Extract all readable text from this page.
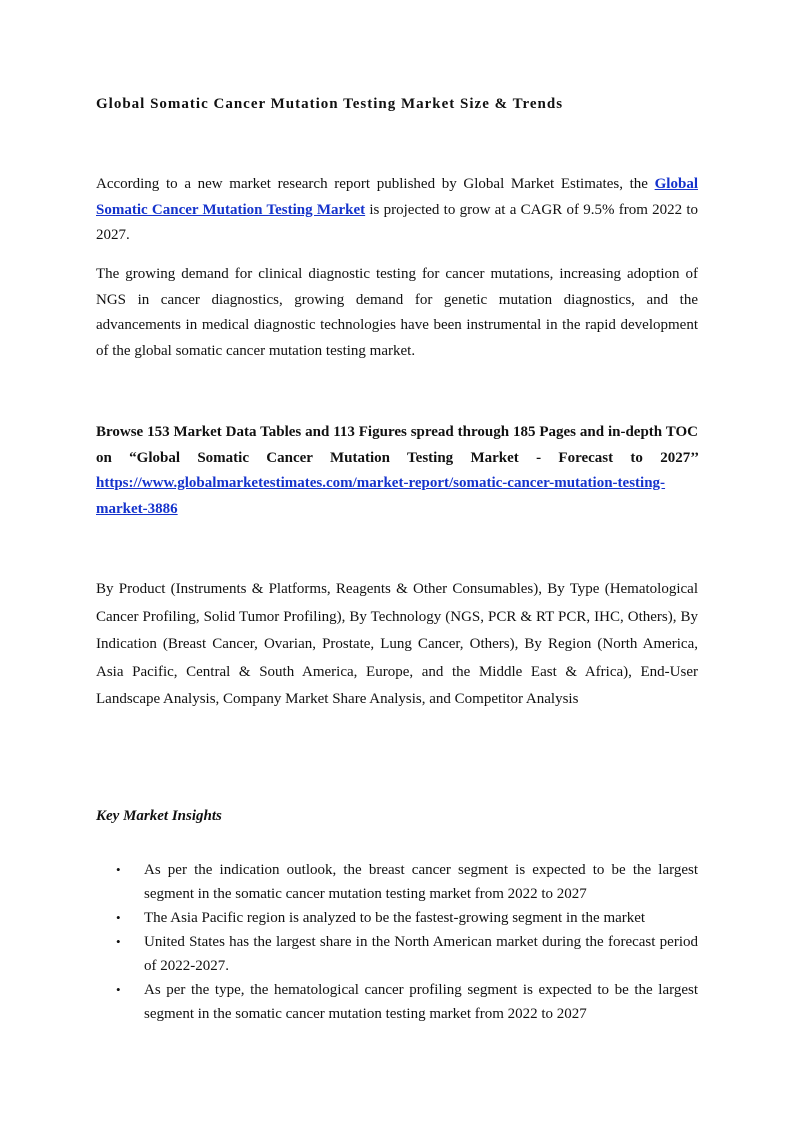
Global Somatic Cancer Mutation Testing Market Size & Trends
According to a new market research report published by Global Market Estimates, the Global Somatic Cancer Mutation Testing Market is projected to grow at a CAGR of 9.5% from 2022 to 2027.
The growing demand for clinical diagnostic testing for cancer mutations, increasing adoption of NGS in cancer diagnostics, growing demand for genetic mutation diagnostics, and the advancements in medical diagnostic technologies have been instrumental in the rapid development of the global somatic cancer mutation testing market.
Browse 153 Market Data Tables and 113 Figures spread through 185 Pages and in-depth TOC on “Global Somatic Cancer Mutation Testing Market - Forecast to 2027’’ https://www.globalmarketestimates.com/market-report/somatic-cancer-mutation-testing-market-3886
By Product (Instruments & Platforms, Reagents & Other Consumables), By Type (Hematological Cancer Profiling, Solid Tumor Profiling), By Technology (NGS, PCR & RT PCR, IHC, Others), By Indication (Breast Cancer, Ovarian, Prostate, Lung Cancer, Others), By Region (North America, Asia Pacific, Central & South America, Europe, and the Middle East & Africa), End-User Landscape Analysis, Company Market Share Analysis, and Competitor Analysis
Key Market Insights
• As per the indication outlook, the breast cancer segment is expected to be the largest segment in the somatic cancer mutation testing market from 2022 to 2027
• The Asia Pacific region is analyzed to be the fastest-growing segment in the market
• United States has the largest share in the North American market during the forecast period of 2022-2027.
• As per the type, the hematological cancer profiling segment is expected to be the largest segment in the somatic cancer mutation testing market from 2022 to 2027
